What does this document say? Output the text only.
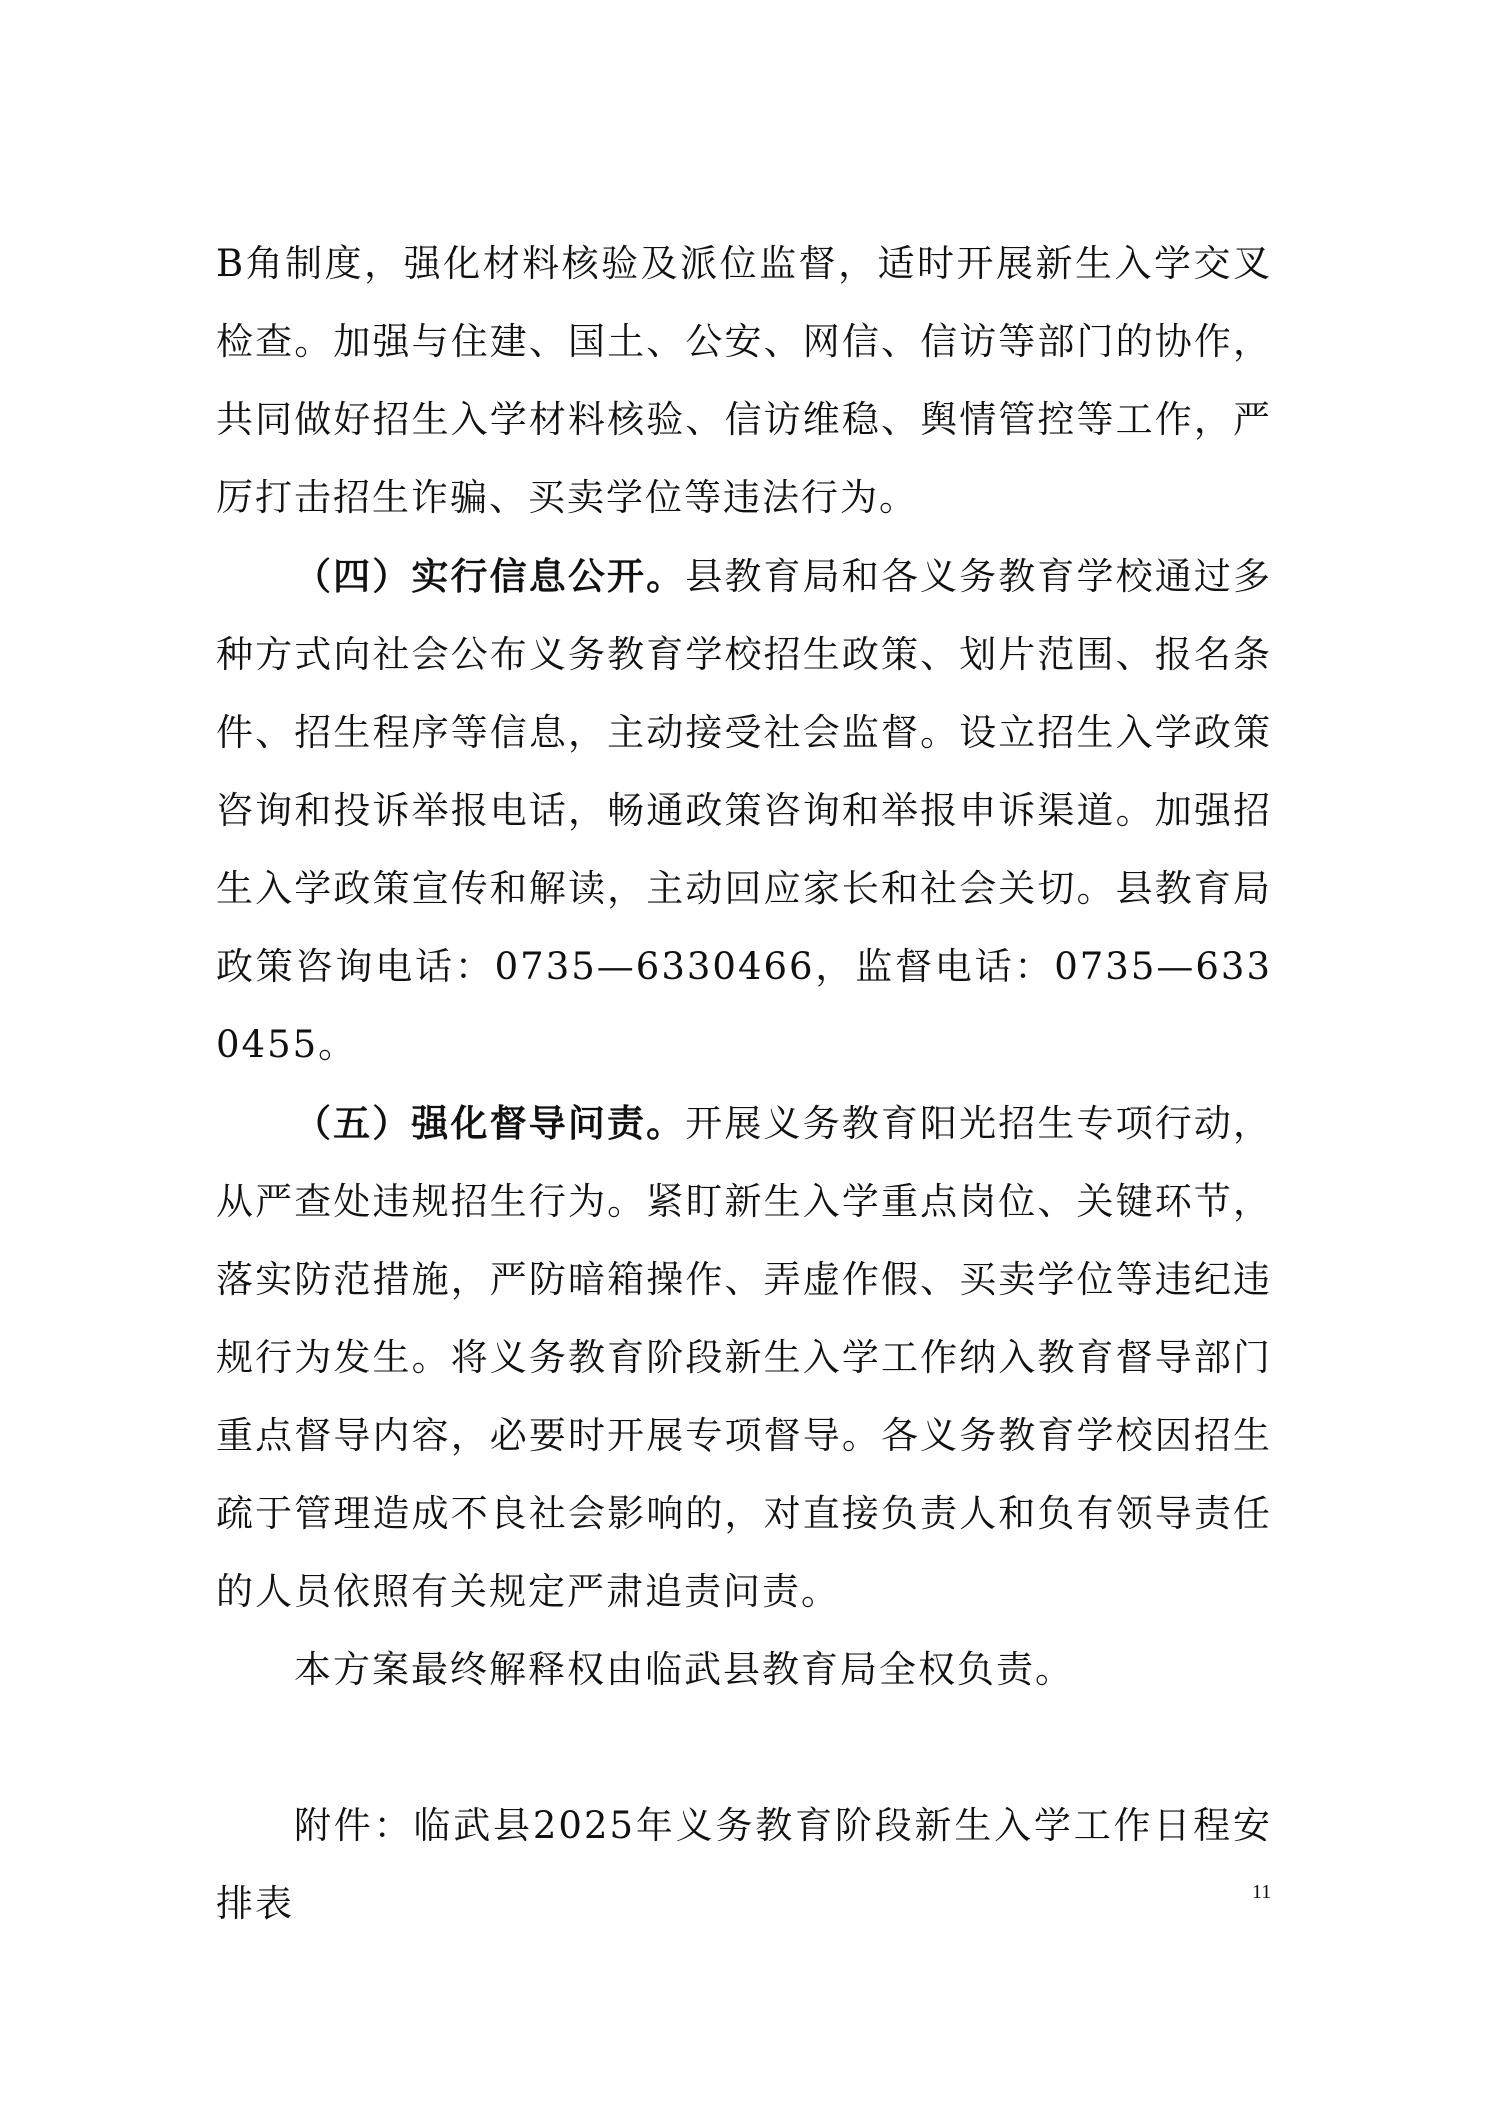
B角制度，强化材料核验及派位监督，适时开展新生入学交叉检查。加强与住建、国土、公安、网信、信访等部门的协作，共同做好招生入学材料核验、信访维稳、舆情管控等工作，严厉打击招生诈骗、买卖学位等违法行为。

（四）实行信息公开。县教育局和各义务教育学校通过多种方式向社会公布义务教育学校招生政策、划片范围、报名条件、招生程序等信息，主动接受社会监督。设立招生入学政策咨询和投诉举报电话，畅通政策咨询和举报申诉渠道。加强招生入学政策宣传和解读，主动回应家长和社会关切。县教育局政策咨询电话：0735—6330466，监督电话：0735—6330455。

（五）强化督导问责。开展义务教育阳光招生专项行动，从严查处违规招生行为。紧盯新生入学重点岗位、关键环节，落实防范措施，严防暗箱操作、弄虚作假、买卖学位等违纪违规行为发生。将义务教育阶段新生入学工作纳入教育督导部门重点督导内容，必要时开展专项督导。各义务教育学校因招生疏于管理造成不良社会影响的，对直接负责人和负有领导责任的人员依照有关规定严肃追责问责。

本方案最终解释权由临武县教育局全权负责。

附件：临武县2025年义务教育阶段新生入学工作日程安排表	11
